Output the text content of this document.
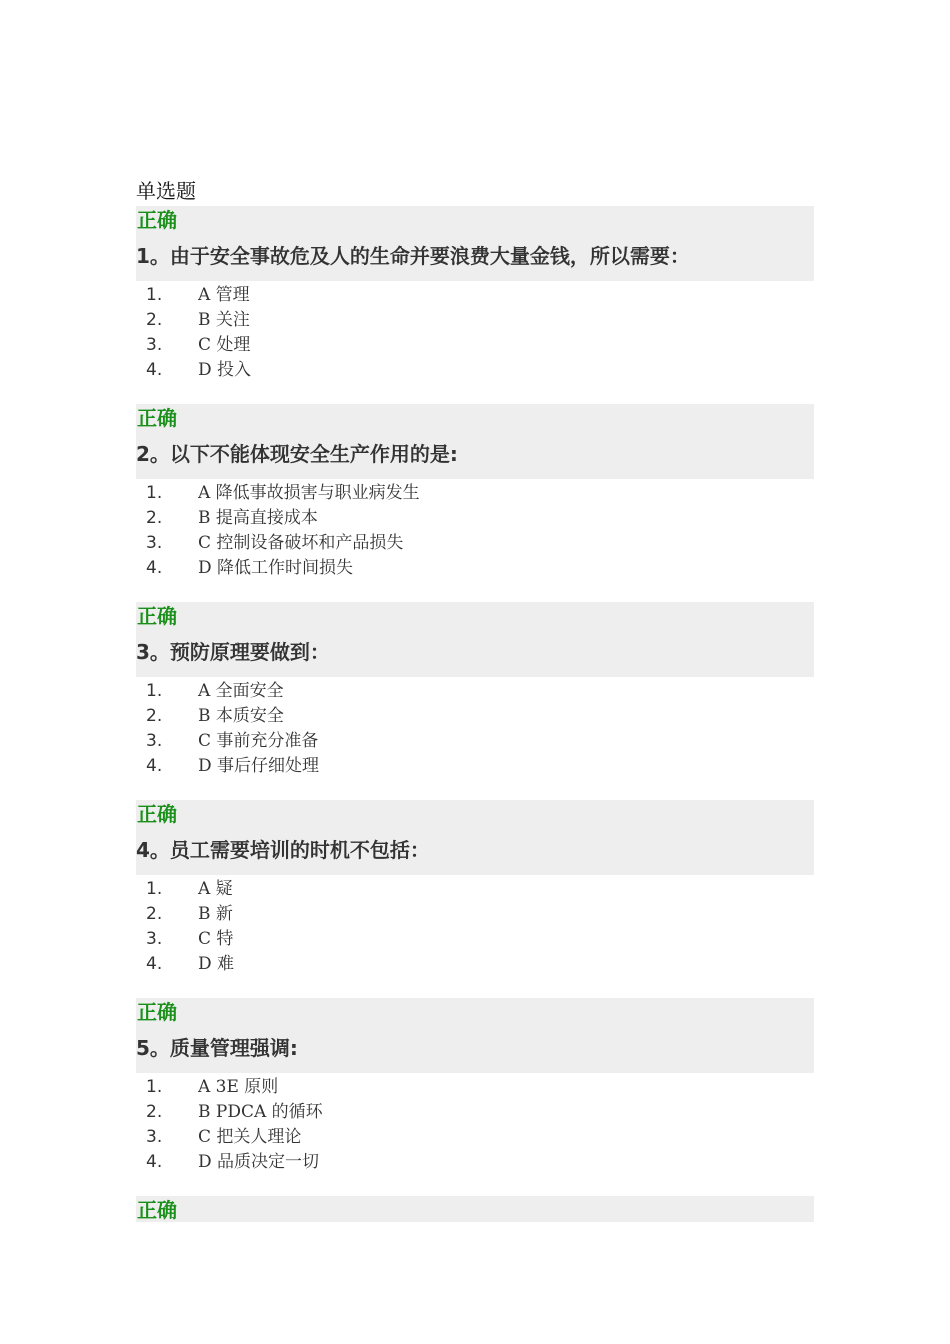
单选题
正确
1。由于安全事故危及人的生命并要浪费大量金钱，所以需要：
1.	A 管理
2.	B 关注
3.	C 处理
4.	D 投入
正确
2。以下不能体现安全生产作用的是:
1.	A 降低事故损害与职业病发生
2.	B 提高直接成本
3.	C 控制设备破坏和产品损失
4.	D 降低工作时间损失
正确
3。预防原理要做到：
1.	A 全面安全
2.	B 本质安全
3.	C 事前充分准备
4.	D 事后仔细处理
正确
4。员工需要培训的时机不包括：
1.	A 疑
2.	B 新
3.	C 特
4.	D 难
正确
5。质量管理强调:
1.	A 3E 原则
2.	B PDCA 的循环
3.	C 把关人理论
4.	D 品质决定一切
正确
